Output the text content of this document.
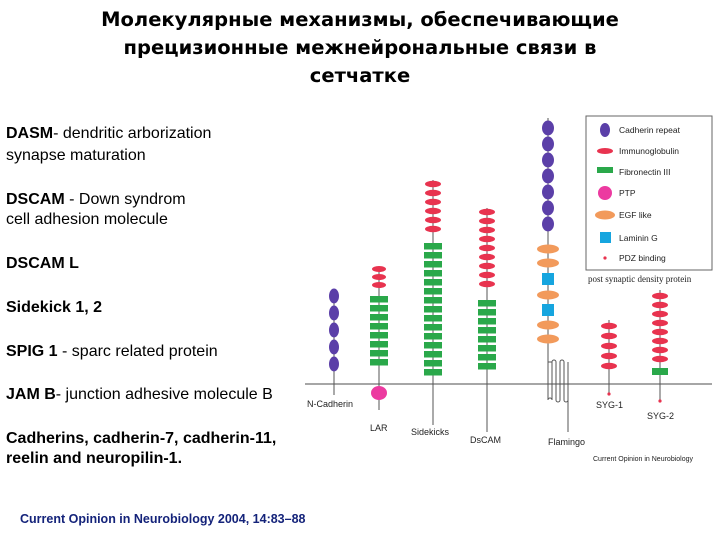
Молекулярные механизмы, обеспечивающие
прецизионные межнейрональные связи в
сетчатке
N-Cadherin
LAR	Sidekicks
DsCAM	Flamingo
SYG-1
SYG-2
Current Opinion in Neurobiology
Cadherin repeat
Immunoglobulin
Fibronectin III
PTP
EGF like
Laminin G
PDZ binding
post synaptic density protein
DASM- dendritic arborization
synapse maturation
DSCAM - Down syndrom
cell adhesion molecule
DSCAM L
Sidekick 1, 2
SPIG 1 - sparc related protein
JAM B- junction adhesive molecule B
Cadherins, cadherin-7, cadherin-11,
reelin and neuropilin-1.
Current Opinion in Neurobiology 2004, 14:83–88
